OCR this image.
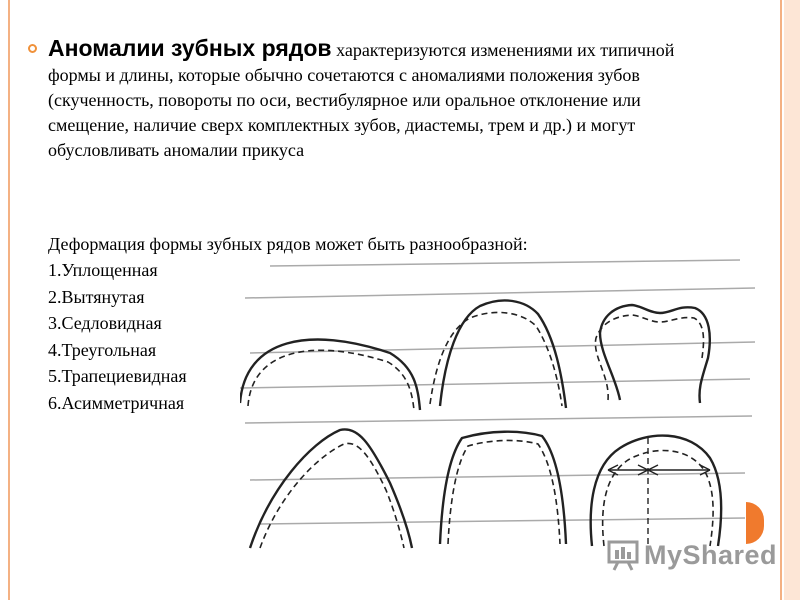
Аномалии зубных рядов характеризуются изменениями их типичной формы и длины, которые обычно сочетаются с аномалиями положения зубов (скученность, повороты по оси, вестибулярное или оральное отклонение или смещение, наличие сверх комплектных зубов, диастемы, трем и др.) и могут обусловливать аномалии прикуса
Деформация формы зубных рядов может быть разнообразной:
1.Уплощенная
2.Вытянутая
3.Седловидная
4.Треугольная
5.Трапециевидная
6.Асимметричная
MyShared
